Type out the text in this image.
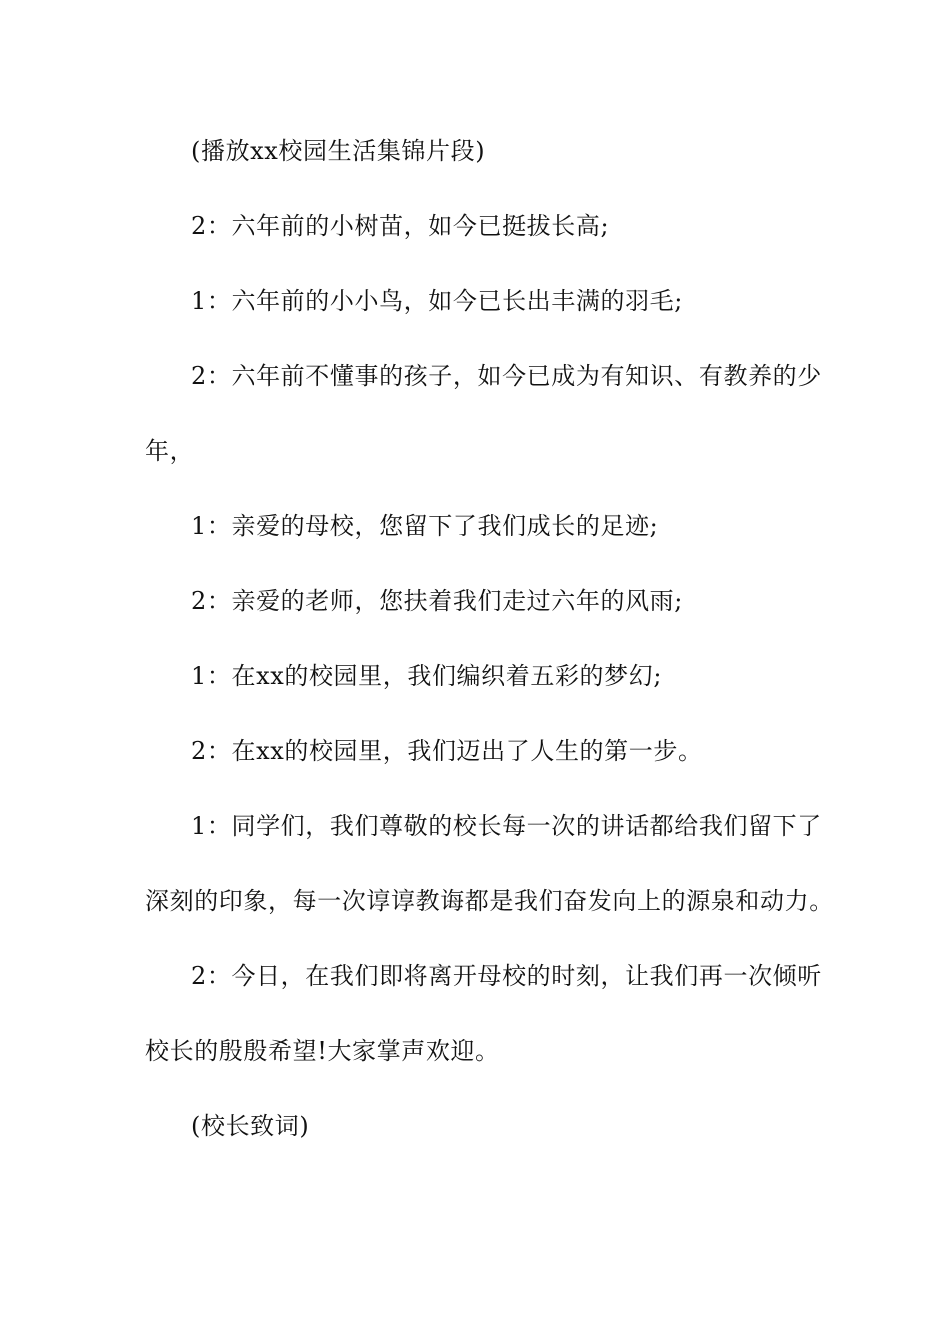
(播放xx校园生活集锦片段)
2：六年前的小树苗，如今已挺拔长高;
1：六年前的小小鸟，如今已长出丰满的羽毛;
2：六年前不懂事的孩子，如今已成为有知识、有教养的少
年，
1：亲爱的母校，您留下了我们成长的足迹;
2：亲爱的老师，您扶着我们走过六年的风雨;
1：在xx的校园里，我们编织着五彩的梦幻;
2：在xx的校园里，我们迈出了人生的第一步。
1：同学们，我们尊敬的校长每一次的讲话都给我们留下了
深刻的印象，每一次谆谆教诲都是我们奋发向上的源泉和动力。
2：今日，在我们即将离开母校的时刻，让我们再一次倾听
校长的殷殷希望!大家掌声欢迎。
(校长致词)
